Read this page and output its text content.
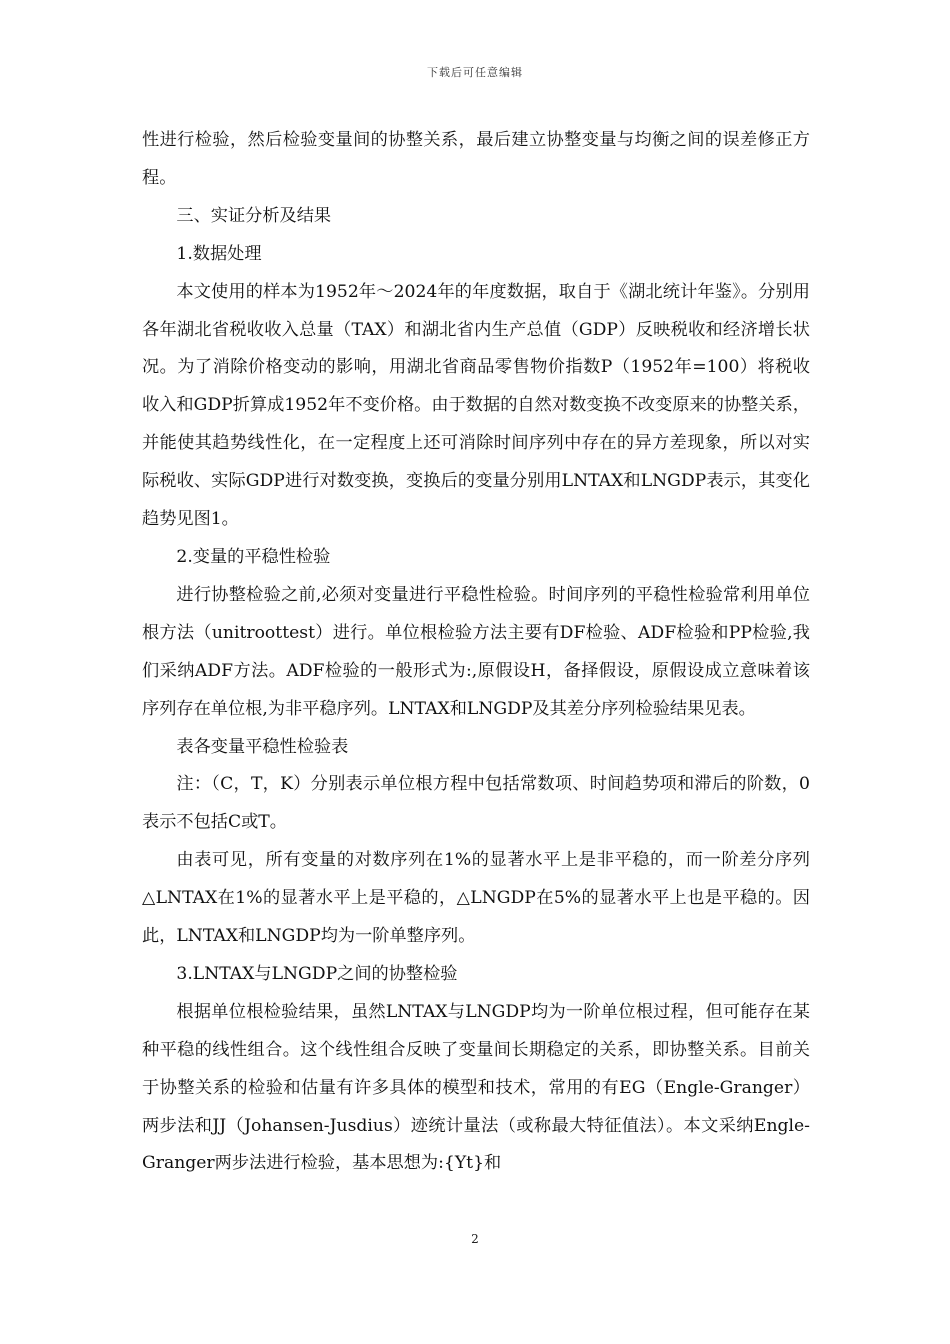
下载后可任意编辑

性进行检验，然后检验变量间的协整关系，最后建立协整变量与均衡之间的误差修正方程。

三、实证分析及结果

1.数据处理

本文使用的样本为1952年～2024年的年度数据，取自于《湖北统计年鉴》。分别用各年湖北省税收收入总量（TAX）和湖北省内生产总值（GDP）反映税收和经济增长状况。为了消除价格变动的影响，用湖北省商品零售物价指数P（1952年=100）将税收收入和GDP折算成1952年不变价格。由于数据的自然对数变换不改变原来的协整关系，并能使其趋势线性化，在一定程度上还可消除时间序列中存在的异方差现象，所以对实际税收、实际GDP进行对数变换，变换后的变量分别用LNTAX和LNGDP表示，其变化趋势见图1。

2.变量的平稳性检验

进行协整检验之前,必须对变量进行平稳性检验。时间序列的平稳性检验常利用单位根方法（unitroottest）进行。单位根检验方法主要有DF检验、ADF检验和PP检验,我们采纳ADF方法。ADF检验的一般形式为:,原假设H，备择假设，原假设成立意味着该序列存在单位根,为非平稳序列。LNTAX和LNGDP及其差分序列检验结果见表。

表各变量平稳性检验表

注：（C，T，K）分别表示单位根方程中包括常数项、时间趋势项和滞后的阶数，0表示不包括C或T。

由表可见，所有变量的对数序列在1%的显著水平上是非平稳的，而一阶差分序列△LNTAX在1%的显著水平上是平稳的，△LNGDP在5%的显著水平上也是平稳的。因此，LNTAX和LNGDP均为一阶单整序列。

3.LNTAX与LNGDP之间的协整检验

根据单位根检验结果，虽然LNTAX与LNGDP均为一阶单位根过程，但可能存在某种平稳的线性组合。这个线性组合反映了变量间长期稳定的关系，即协整关系。目前关于协整关系的检验和估量有许多具体的模型和技术，常用的有EG（Engle-Granger）两步法和JJ（Johansen-Jusdius）迹统计量法（或称最大特征值法）。本文采纳Engle-Granger两步法进行检验，基本思想为:{Yt}和

2
